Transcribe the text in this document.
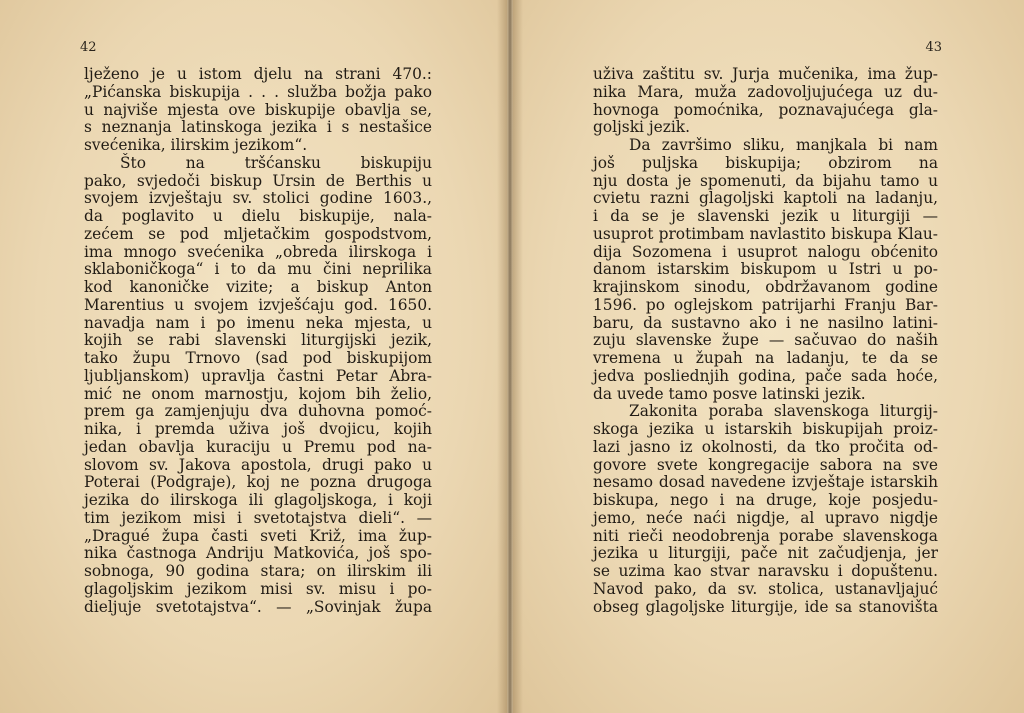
42
lježeno je u istom djelu na strani 470.:
„Pićanska biskupija . . . služba božja pako
u najviše mjesta ove biskupije obavlja se,
s neznanja latinskoga jezika i s nestašice
svećenika, ilirskim jezikom“.
Što na tršćansku biskupiju
pako, svjedoči biskup Ursin de Berthis u
svojem izvještaju sv. stolici godine 1603.,
da poglavito u dielu biskupije, nala-
zećem se pod mljetačkim gospodstvom,
ima mnogo svećenika „obreda ilirskoga i
sklaboničkoga“ i to da mu čini neprilika
kod kanoničke vizite; a biskup Anton
Marentius u svojem izvješćaju god. 1650.
navadja nam i po imenu neka mjesta, u
kojih se rabi slavenski liturgijski jezik,
tako župu Trnovo (sad pod biskupijom
ljubljanskom) upravlja častni Petar Abra-
mić ne onom marnostju, kojom bih želio,
prem ga zamjenjuju dva duhovna pomoć-
nika, i premda uživa još dvojicu, kojih
jedan obavlja kuraciju u Premu pod na-
slovom sv. Jakova apostola, drugi pako u
Poterai (Podgraje), koj ne pozna drugoga
jezika do ilirskoga ili glagoljskoga, i koji
tim jezikom misi i svetotajstva dieli“. —
„Dragué župa časti sveti Križ, ima žup-
nika častnoga Andriju Matkovića, još spo-
sobnoga, 90 godina stara; on ilirskim ili
glagoljskim jezikom misi sv. misu i po-
dieljuje svetotajstva“. — „Sovinjak župa
43
uživa zaštitu sv. Jurja mučenika, ima žup-
nika Mara, muža zadovoljujućega uz du-
hovnoga pomoćnika, poznavajućega gla-
goljski jezik.
Da završimo sliku, manjkala bi nam
još puljska biskupija; obzirom na
nju dosta je spomenuti, da bijahu tamo u
cvietu razni glagoljski kaptoli na ladanju,
i da se je slavenski jezik u liturgiji —
usuprot protimbam navlastito biskupa Klau-
dija Sozomena i usuprot nalogu obćenito
danom istarskim biskupom u Istri u po-
krajinskom sinodu, obdržavanom godine
1596. po oglejskom patrijarhi Franju Bar-
baru, da sustavno ako i ne nasilno latini-
zuju slavenske župe — sačuvao do naših
vremena u župah na ladanju, te da se
jedva posliednjih godina, pače sada hoće,
da uvede tamo posve latinski jezik.
Zakonita poraba slavenskoga liturgij-
skoga jezika u istarskih biskupijah proiz-
lazi jasno iz okolnosti, da tko pročita od-
govore svete kongregacije sabora na sve
nesamo dosad navedene izvještaje istarskih
biskupa, nego i na druge, koje posjedu-
jemo, neće naći nigdje, al upravo nigdje
niti rieči neodobrenja porabe slavenskoga
jezika u liturgiji, pače nit začudjenja, jer
se uzima kao stvar naravsku i dopuštenu.
Navod pako, da sv. stolica, ustanavljajuć
obseg glagoljske liturgije, ide sa stanovišta
